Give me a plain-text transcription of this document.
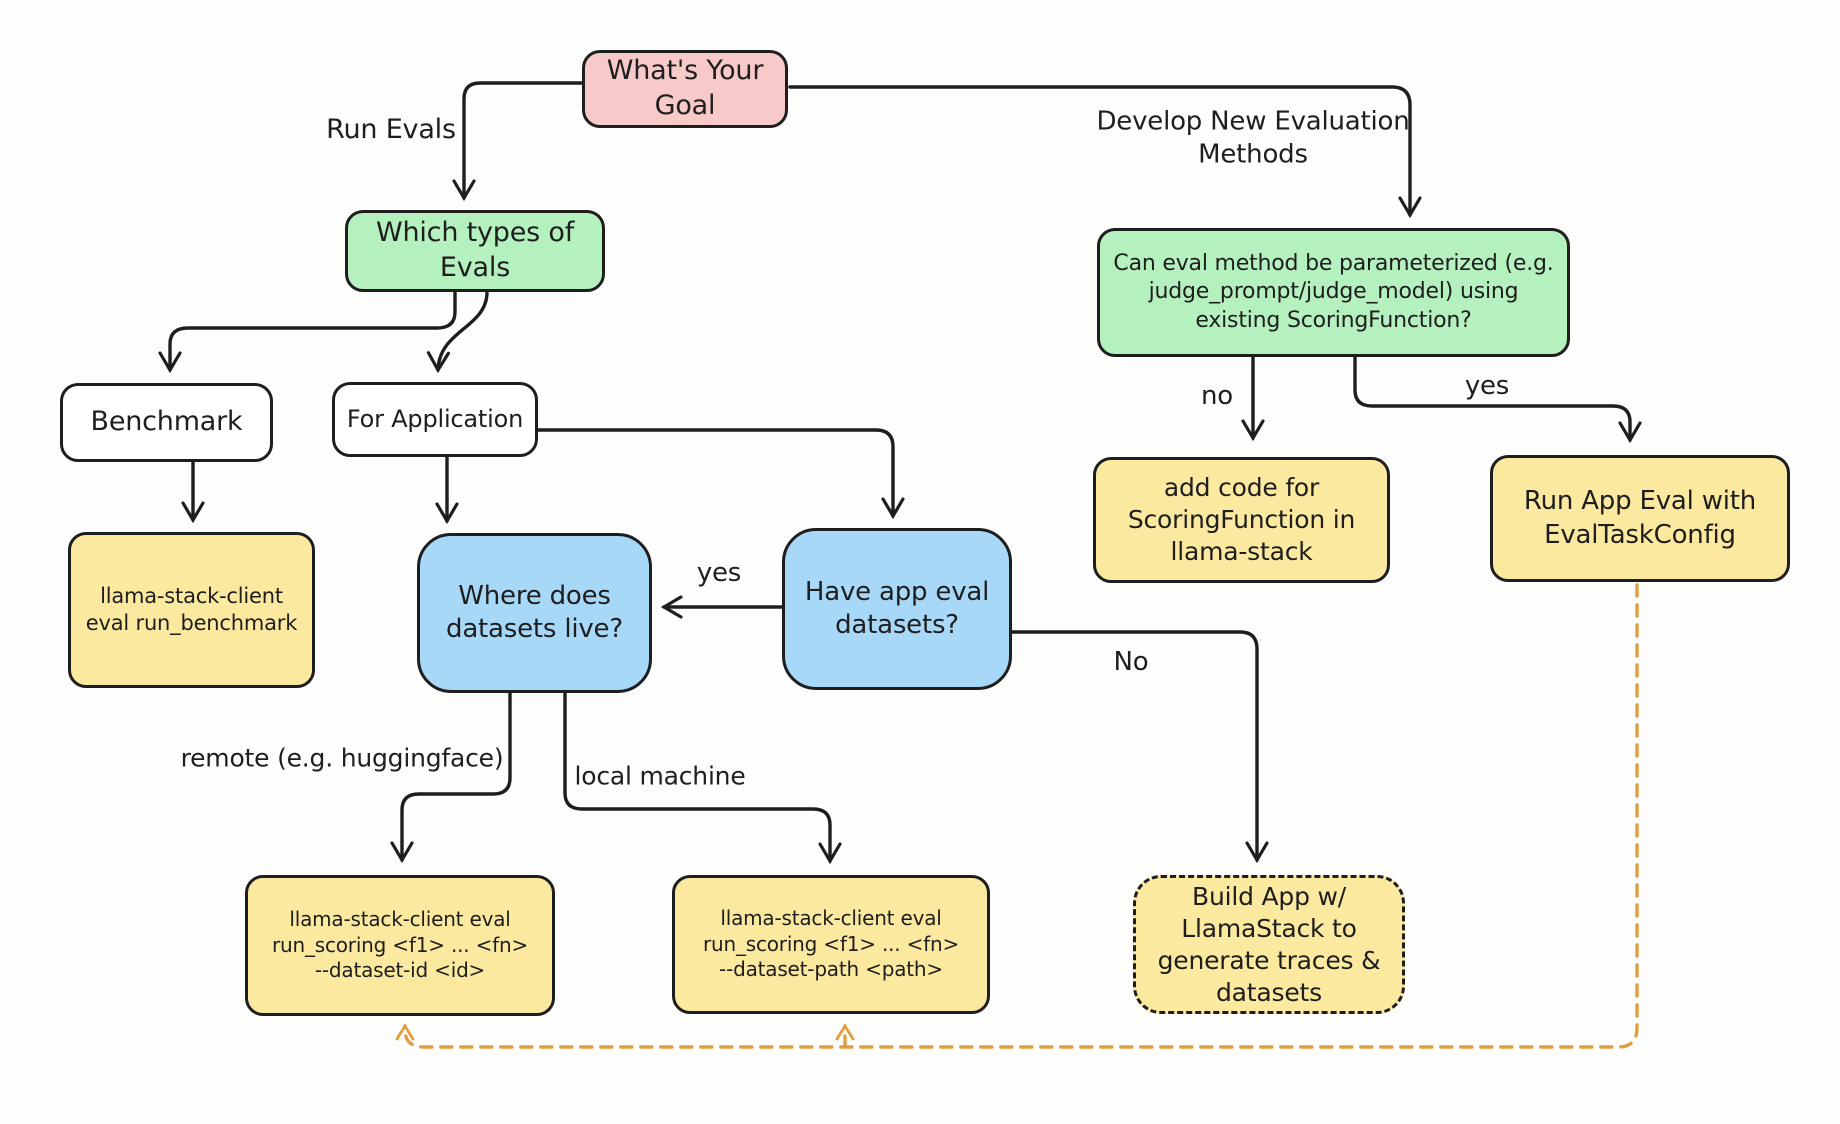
What's Your
Goal
Which types of
Evals	Can eval method be parameterized (e.g.
judge_prompt/judge_model) using
existing ScoringFunction?
Benchmark	For Application
llama-stack-client
eval run_benchmark
Where does
datasets live?
Have app eval
datasets?
add code for
ScoringFunction in
llama-stack
Run App Eval with
EvalTaskConfig
llama-stack-client eval
run_scoring <f1> ... <fn>
--dataset-id <id>
llama-stack-client eval
run_scoring <f1> ... <fn>
--dataset-path <path>
Build App w/
LlamaStack to
generate traces &
datasets
Run Evals	Develop New Evaluation
Methods
no	yes
yes
No
remote (e.g. huggingface)
local machine
